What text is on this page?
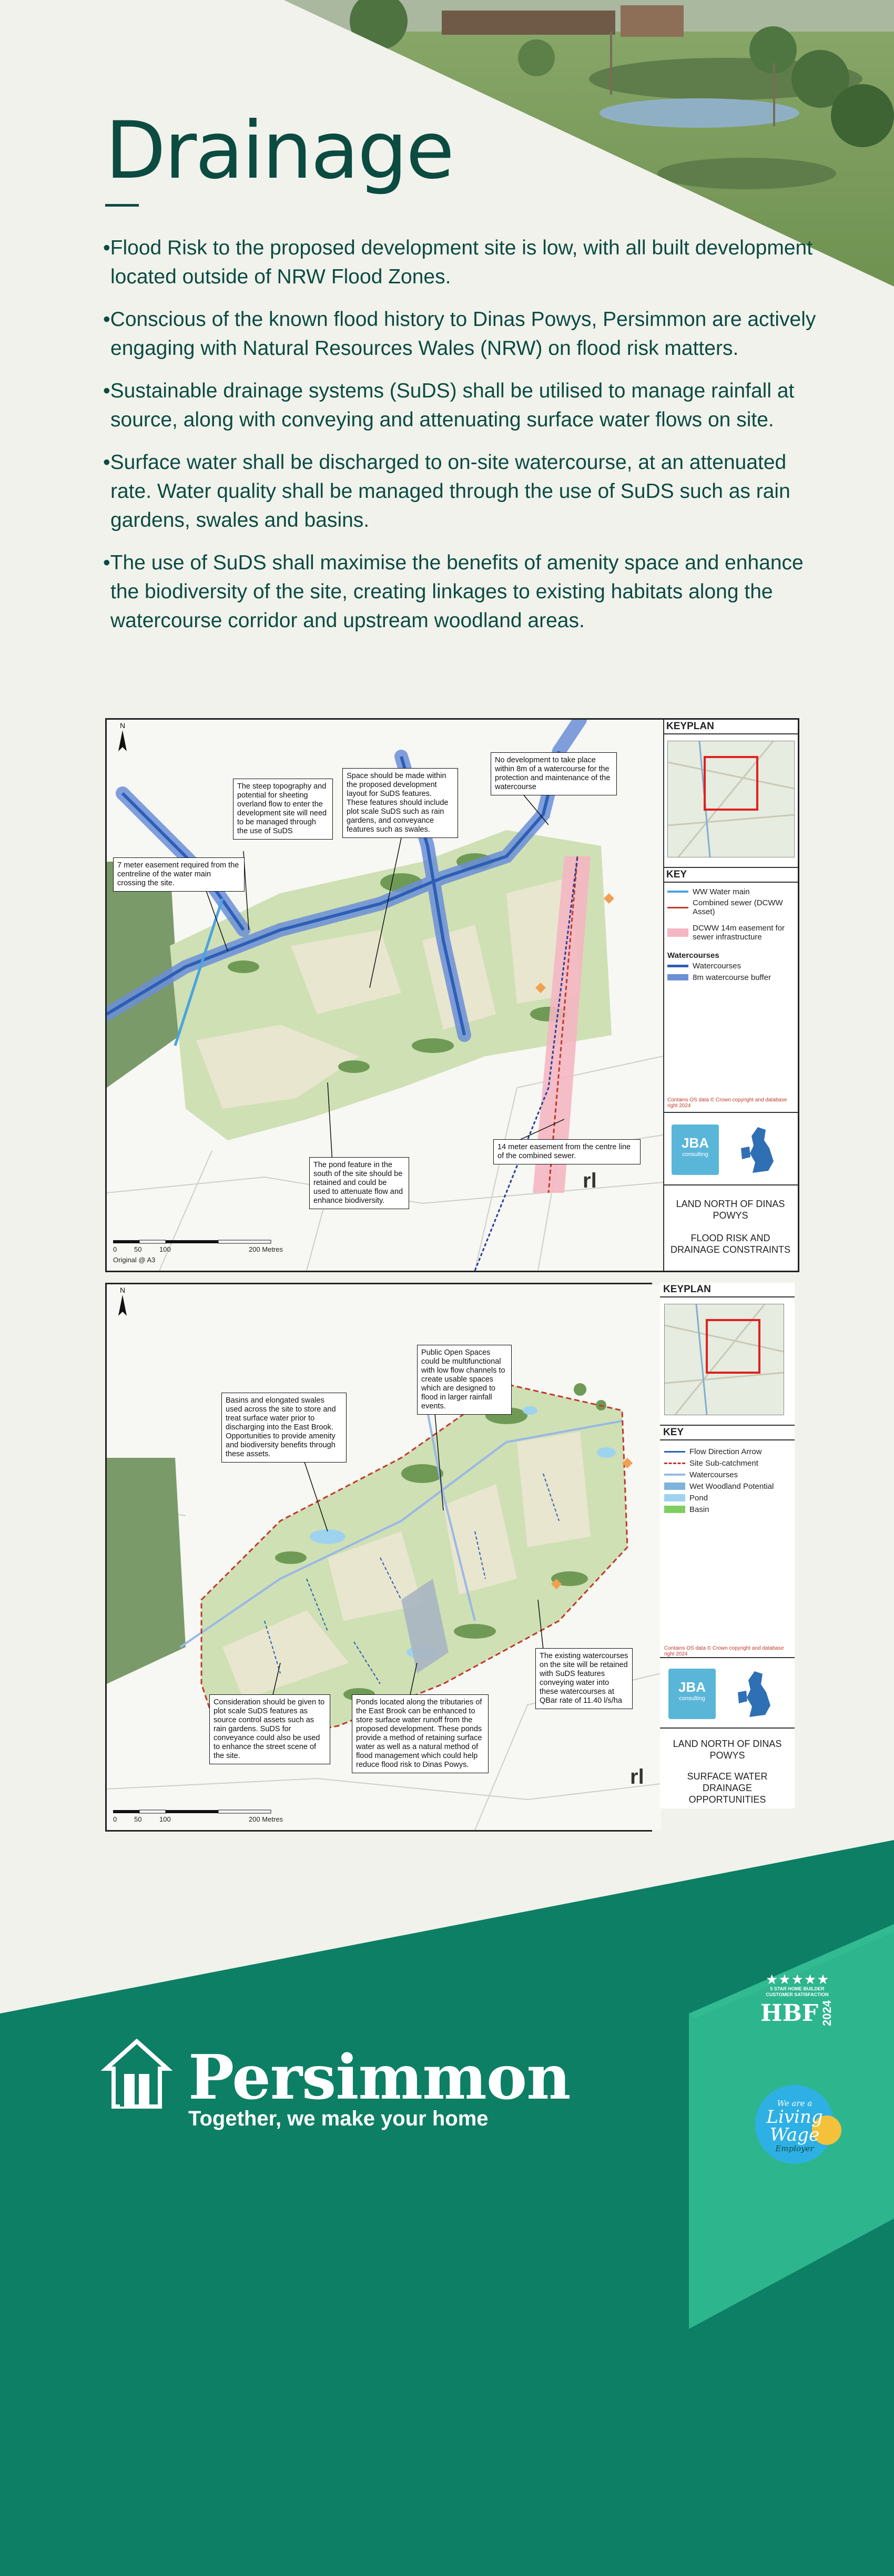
Drainage
• Flood Risk to the proposed development site is low, with all built development located outside of NRW Flood Zones.
• Conscious of the known flood history to Dinas Powys, Persimmon are actively engaging with Natural Resources Wales (NRW) on flood risk matters.
• Sustainable drainage systems (SuDS) shall be utilised to manage rainfall at source, along with conveying and attenuating surface water flows on site.
• Surface water shall be discharged to on-site watercourse, at an attenuated rate. Water quality shall be managed through the use of SuDS such as rain gardens, swales and basins.
• The use of SuDS shall maximise the benefits of amenity space and enhance the biodiversity of the site, creating linkages to existing habitats along the watercourse corridor and upstream woodland areas.
N
rl
0	50	100	200 Metres
Original @ A3
The steep topography and potential for sheeting overland flow to enter the development site will need to be managed through the use of SuDS
Space should be made within the proposed development layout for SuDS features. These features should include plot scale SuDS such as rain gardens, and conveyance features such as swales.
No development to take place within 8m of a watercourse for the protection and maintenance of the watercourse
7 meter easement required from the centreline of the water main crossing the site.
The pond feature in the south of the site should be retained and could be used to attenuate flow and enhance biodiversity.
14 meter easement from the centre line of the combined sewer.
KEYPLAN
KEY
WW Water main
Combined sewer (DCWW Asset)
DCWW 14m easement for sewer infrastructure
Watercourses
Watercourses
8m watercourse buffer
Contains OS data © Crown copyright and database right 2024
JBA
consulting
LAND NORTH OF DINAS POWYS
FLOOD RISK AND DRAINAGE CONSTRAINTS
N
rl
0	50	100	200 Metres
Public Open Spaces could be multifunctional with low flow channels to create usable spaces which are designed to flood in larger rainfall events.
Basins and elongated swales used across the site to store and treat surface water prior to discharging into the East Brook. Opportunities to provide amenity and biodiversity benefits through these assets.
The existing watercourses on the site will be retained with SuDS features conveying water into these watercourses at QBar rate of 11.40 l/s/ha
Consideration should be given to plot scale SuDS features as source control assets such as rain gardens. SuDS for conveyance could also be used to enhance the street scene of the site.
Ponds located along the tributaries of the East Brook can be enhanced to store surface water runoff from the proposed development. These ponds provide a method of retaining surface water as well as a natural method of flood management which could help reduce flood risk to Dinas Powys.
KEYPLAN
KEY
Flow Direction Arrow
Site Sub-catchment
Watercourses
Wet Woodland Potential
Pond
Basin
Contains OS data © Crown copyright and database right 2024
JBA
consulting
LAND NORTH OF DINAS POWYS
SURFACE WATER DRAINAGE OPPORTUNITIES
Persimmon
Together, we make your home
★★★★★
5 STAR HOME BUILDER
CUSTOMER SATISFACTION
HBF 2024
We are a
Living
Wage
Employer
